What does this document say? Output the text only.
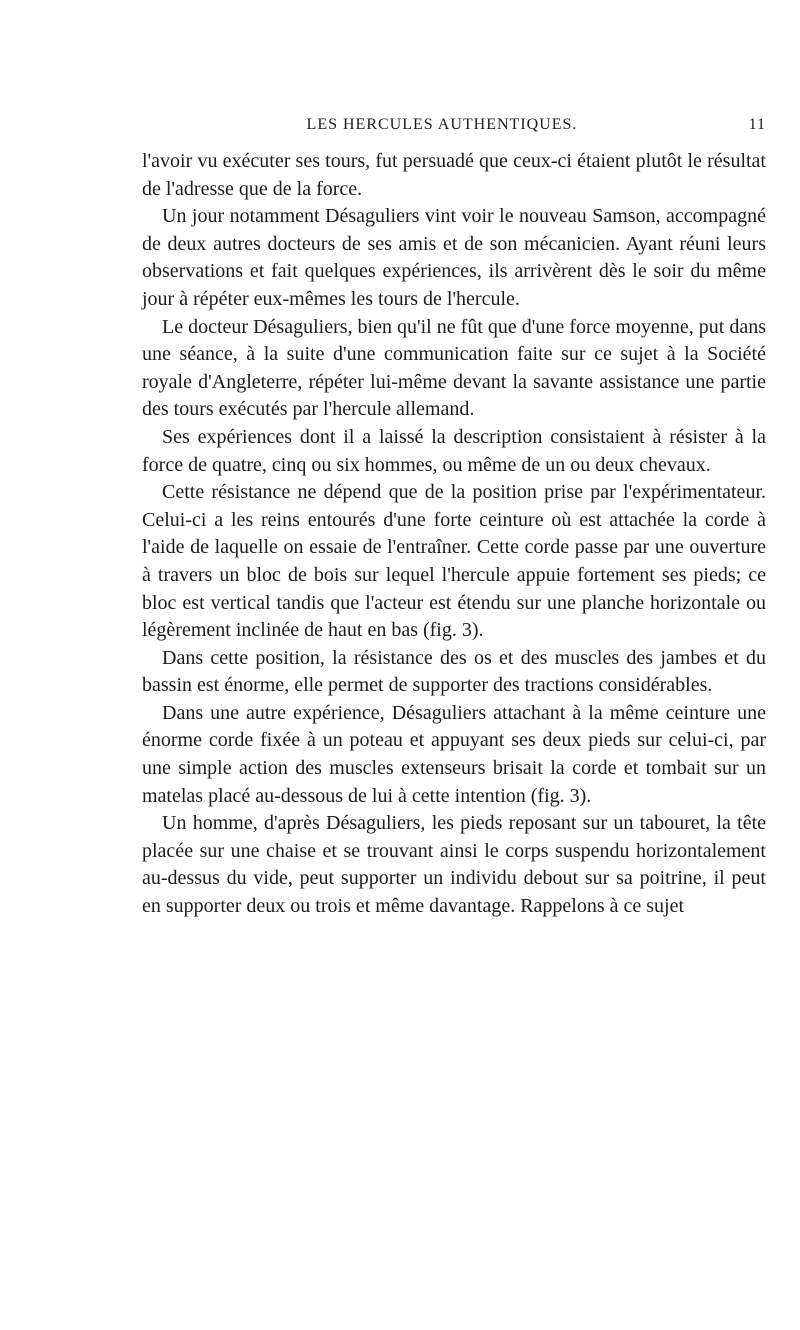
LES HERCULES AUTHENTIQUES.	11

l'avoir vu exécuter ses tours, fut persuadé que ceux-ci étaient plutôt le résultat de l'adresse que de la force.

Un jour notamment Désaguliers vint voir le nouveau Samson, accompagné de deux autres docteurs de ses amis et de son mécanicien. Ayant réuni leurs observations et fait quelques expériences, ils arrivèrent dès le soir du même jour à répéter eux-mêmes les tours de l'hercule.

Le docteur Désaguliers, bien qu'il ne fût que d'une force moyenne, put dans une séance, à la suite d'une communication faite sur ce sujet à la Société royale d'Angleterre, répéter lui-même devant la savante assistance une partie des tours exécutés par l'hercule allemand.

Ses expériences dont il a laissé la description consistaient à résister à la force de quatre, cinq ou six hommes, ou même de un ou deux chevaux.

Cette résistance ne dépend que de la position prise par l'expérimentateur. Celui-ci a les reins entourés d'une forte ceinture où est attachée la corde à l'aide de laquelle on essaie de l'entraîner. Cette corde passe par une ouverture à travers un bloc de bois sur lequel l'hercule appuie fortement ses pieds; ce bloc est vertical tandis que l'acteur est étendu sur une planche horizontale ou légèrement inclinée de haut en bas (fig. 3).

Dans cette position, la résistance des os et des muscles des jambes et du bassin est énorme, elle permet de supporter des tractions considérables.

Dans une autre expérience, Désaguliers attachant à la même ceinture une énorme corde fixée à un poteau et appuyant ses deux pieds sur celui-ci, par une simple action des muscles extenseurs brisait la corde et tombait sur un matelas placé au-dessous de lui à cette intention (fig. 3).

Un homme, d'après Désaguliers, les pieds reposant sur un tabouret, la tête placée sur une chaise et se trouvant ainsi le corps suspendu horizontalement au-dessus du vide, peut supporter un individu debout sur sa poitrine, il peut en supporter deux ou trois et même davantage. Rappelons à ce sujet
